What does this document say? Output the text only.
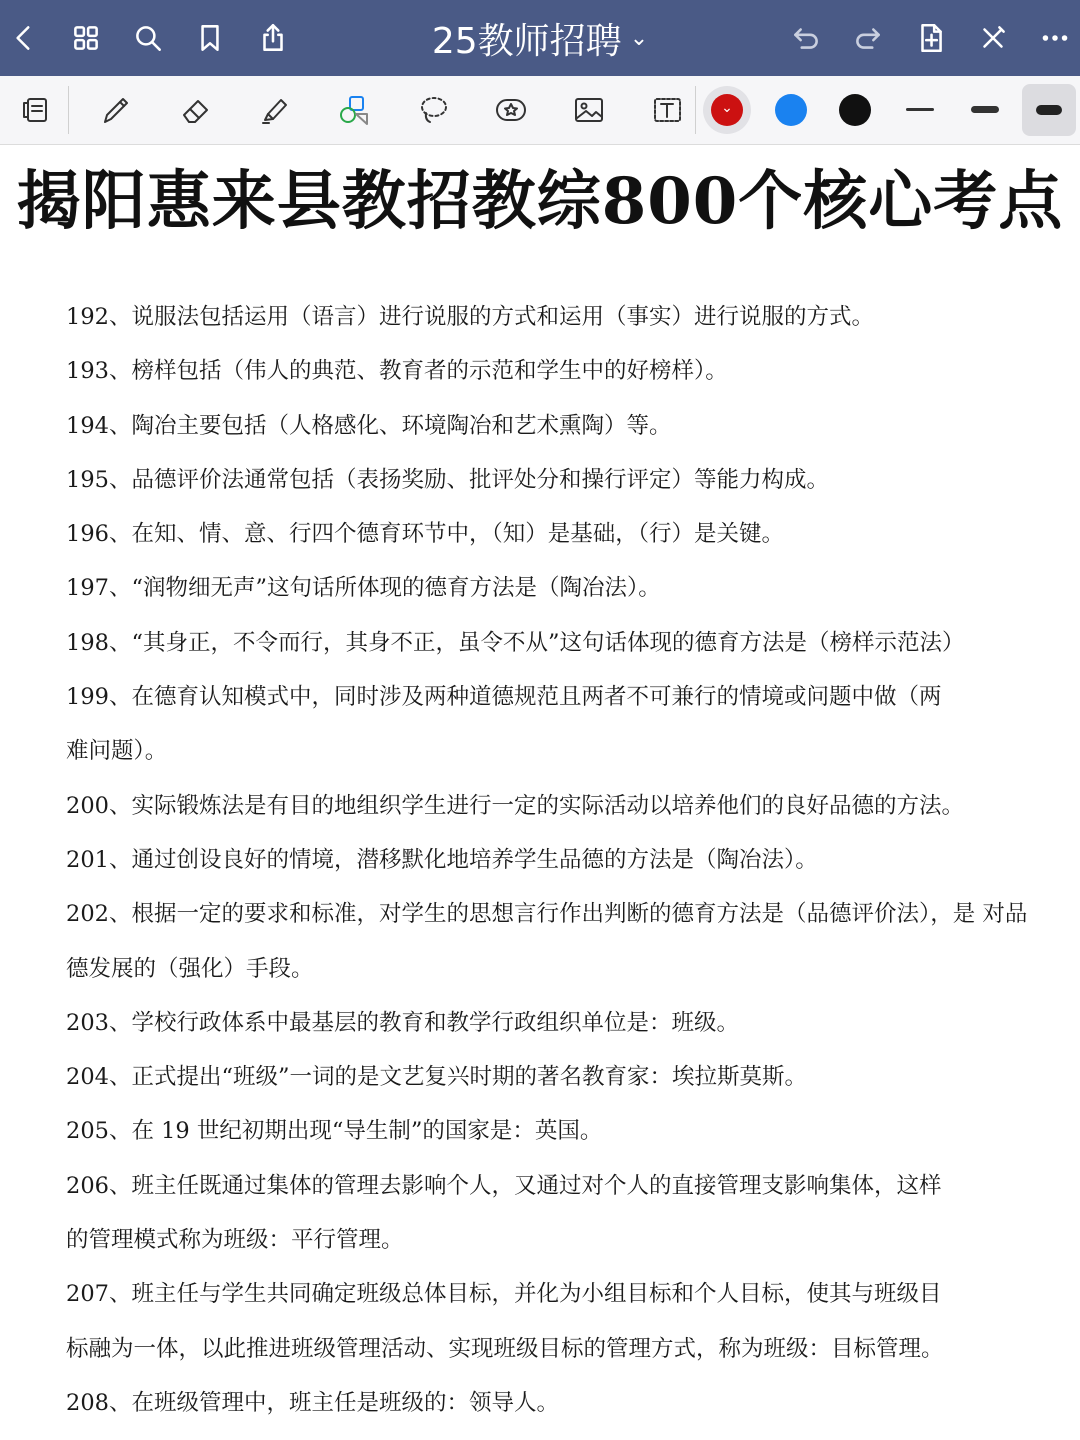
25教师招聘 ⌄
⌄
揭阳惠来县教招教综800个核心考点
192、说服法包括运用（语言）进行说服的方式和运用（事实）进行说服的方式。
193、榜样包括（伟人的典范、教育者的示范和学生中的好榜样）。
194、陶冶主要包括（人格感化、环境陶冶和艺术熏陶）等。
195、品德评价法通常包括（表扬奖励、批评处分和操行评定）等能力构成。
196、在知、情、意、行四个德育环节中，（知）是基础，（行）是关键。
197、“润物细无声”这句话所体现的德育方法是（陶冶法）。
198、“其身正，不令而行，其身不正，虽令不从”这句话体现的德育方法是（榜样示范法）
199、在德育认知模式中，同时涉及两种道德规范且两者不可兼行的情境或问题中做（两
难问题）。
200、实际锻炼法是有目的地组织学生进行一定的实际活动以培养他们的良好品德的方法。
201、通过创设良好的情境，潜移默化地培养学生品德的方法是（陶冶法）。
202、根据一定的要求和标准，对学生的思想言行作出判断的德育方法是（品德评价法），是 对品
德发展的（强化）手段。
203、学校行政体系中最基层的教育和教学行政组织单位是：班级。
204、正式提出“班级”一词的是文艺复兴时期的著名教育家：埃拉斯莫斯。
205、在 19 世纪初期出现“导生制”的国家是：英国。
206、班主任既通过集体的管理去影响个人，又通过对个人的直接管理支影响集体，这样
的管理模式称为班级：平行管理。
207、班主任与学生共同确定班级总体目标，并化为小组目标和个人目标，使其与班级目
标融为一体，以此推进班级管理活动、实现班级目标的管理方式，称为班级：目标管理。
208、在班级管理中，班主任是班级的：领导人。
